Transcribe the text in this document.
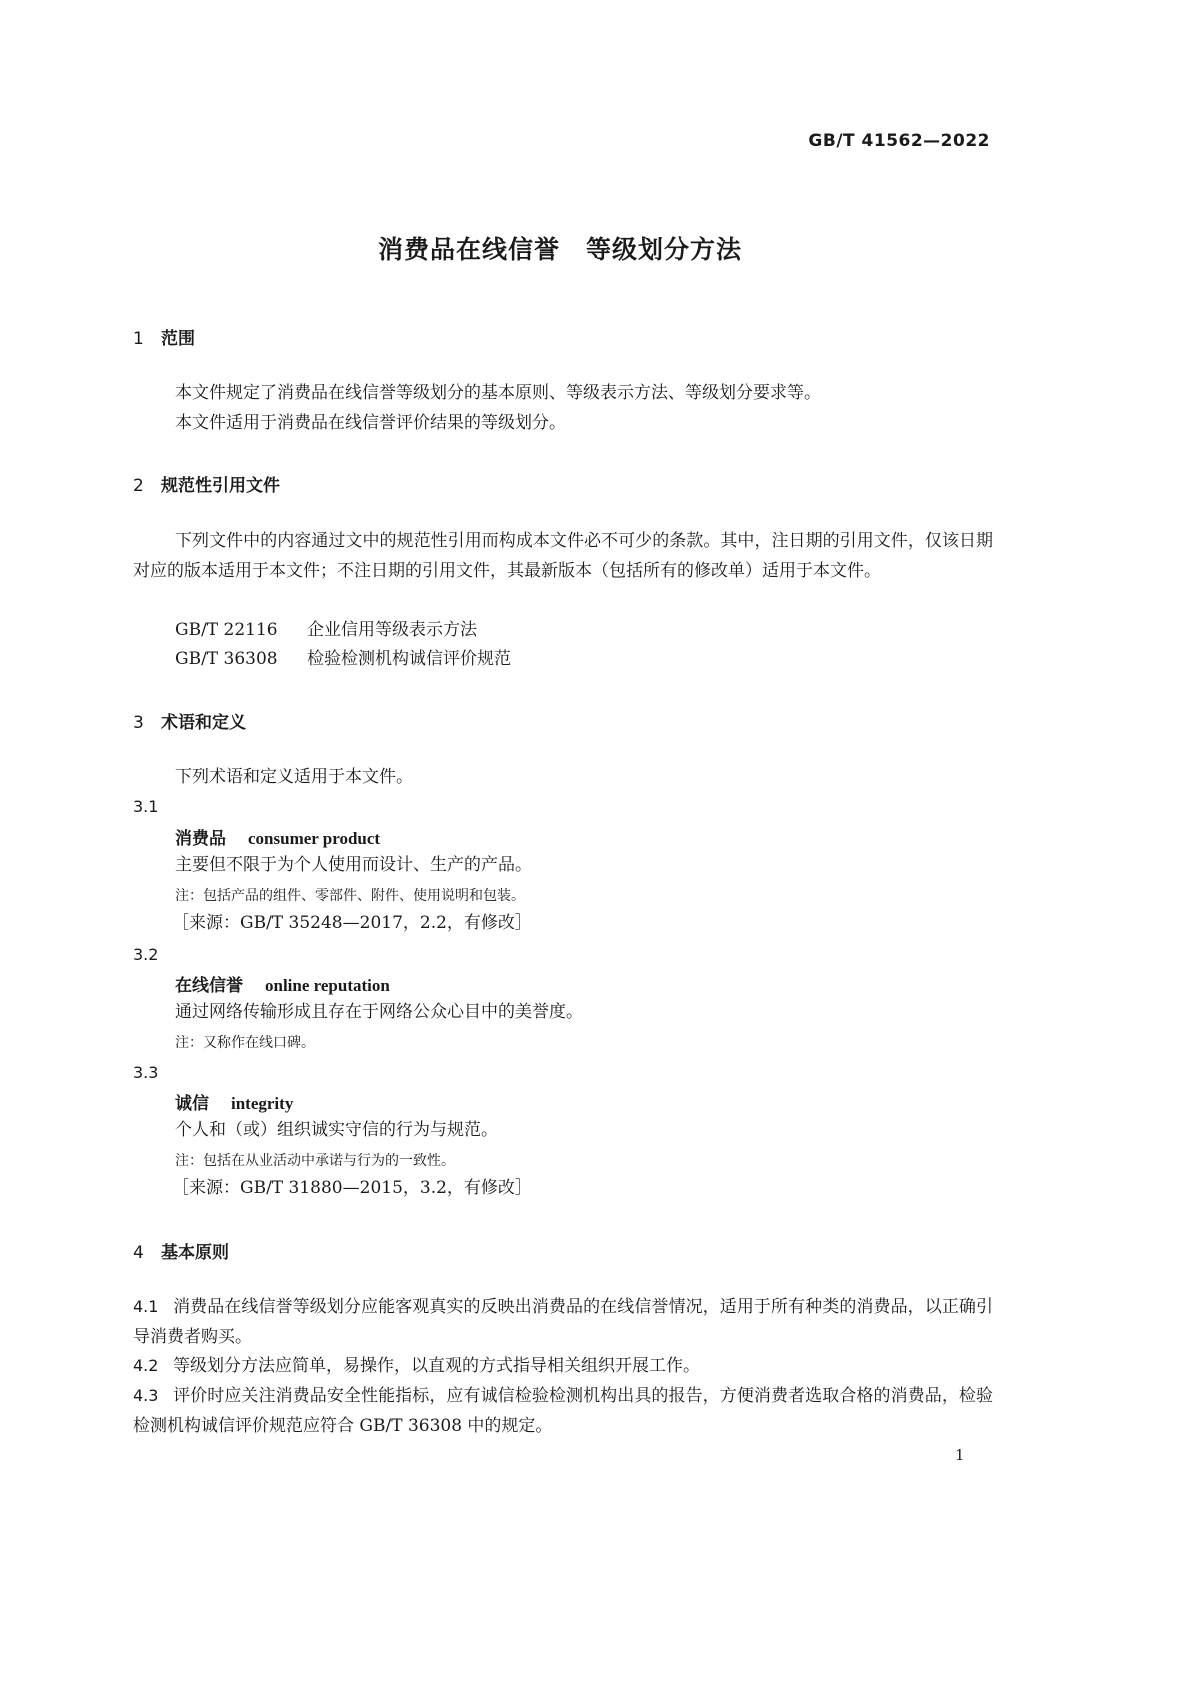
GB/T 41562—2022
消费品在线信誉　等级划分方法
1 范围
本文件规定了消费品在线信誉等级划分的基本原则、等级表示方法、等级划分要求等。
本文件适用于消费品在线信誉评价结果的等级划分。
2 规范性引用文件
下列文件中的内容通过文中的规范性引用而构成本文件必不可少的条款。其中，注日期的引用文件，仅该日期对应的版本适用于本文件；不注日期的引用文件，其最新版本（包括所有的修改单）适用于本文件。
GB/T 22116 企业信用等级表示方法
GB/T 36308 检验检测机构诚信评价规范
3 术语和定义
下列术语和定义适用于本文件。
3.1
消费品 consumer product
主要但不限于为个人使用而设计、生产的产品。
注：包括产品的组件、零部件、附件、使用说明和包装。
［来源：GB/T 35248—2017，2.2，有修改］
3.2
在线信誉 online reputation
通过网络传输形成且存在于网络公众心目中的美誉度。
注：又称作在线口碑。
3.3
诚信 integrity
个人和（或）组织诚实守信的行为与规范。
注：包括在从业活动中承诺与行为的一致性。
［来源：GB/T 31880—2015，3.2，有修改］
4 基本原则
4.1 消费品在线信誉等级划分应能客观真实的反映出消费品的在线信誉情况，适用于所有种类的消费品，以正确引导消费者购买。
4.2 等级划分方法应简单，易操作，以直观的方式指导相关组织开展工作。
4.3 评价时应关注消费品安全性能指标，应有诚信检验检测机构出具的报告，方便消费者选取合格的消费品，检验检测机构诚信评价规范应符合 GB/T 36308 中的规定。
1
